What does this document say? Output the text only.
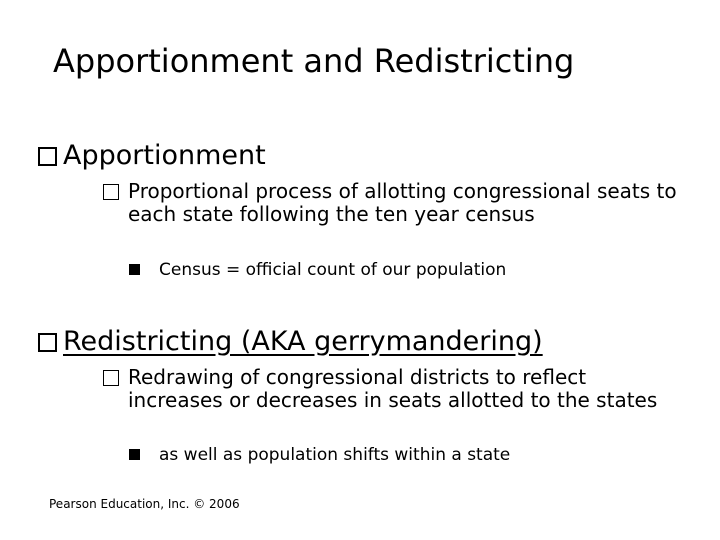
Apportionment and Redistricting
Apportionment
Proportional process of allotting congressional seats to each state following the ten year census
Census = official count of our population
Redistricting (AKA gerrymandering)
Redrawing of congressional districts to reflect increases or decreases in seats allotted to the states
as well as population shifts within a state
Pearson Education, Inc. © 2006
